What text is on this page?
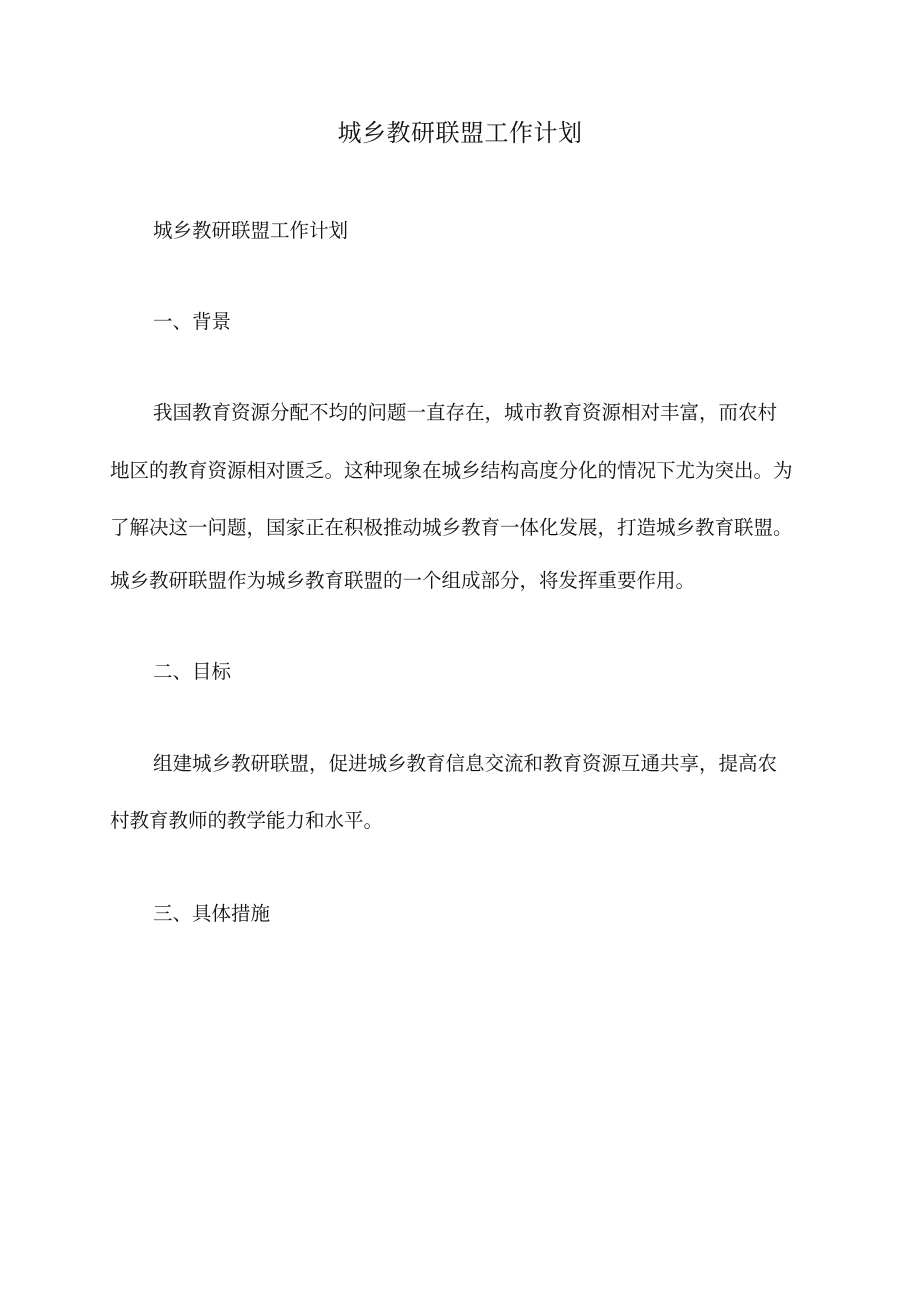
城乡教研联盟工作计划

城乡教研联盟工作计划

一、背景

我国教育资源分配不均的问题一直存在，城市教育资源相对丰富，而农村

地区的教育资源相对匮乏。这种现象在城乡结构高度分化的情况下尤为突出。为

了解决这一问题，国家正在积极推动城乡教育一体化发展，打造城乡教育联盟。

城乡教研联盟作为城乡教育联盟的一个组成部分，将发挥重要作用。

二、目标

组建城乡教研联盟，促进城乡教育信息交流和教育资源互通共享，提高农

村教育教师的教学能力和水平。

三、具体措施
